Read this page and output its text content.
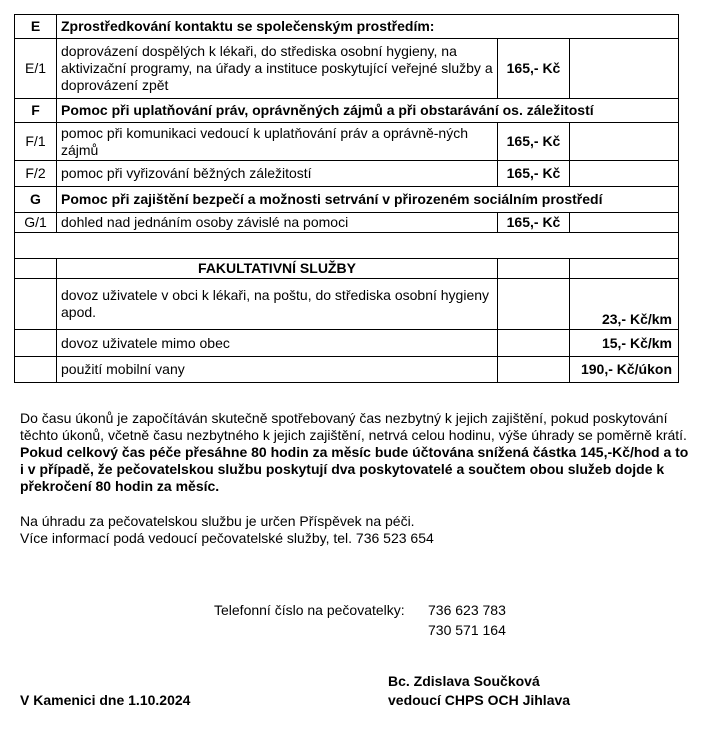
E	Zprostředkování kontaktu se společenským prostředím:		
E/1	doprovázení dospělých k lékaři, do střediska osobní hygieny, na aktivizační programy, na úřady a instituce poskytující veřejné služby a doprovázení zpět	165,- Kč	
F	Pomoc při uplatňování práv, oprávněných zájmů a při obstarávání os. záležitostí		
F/1	pomoc při komunikaci vedoucí k uplatňování práv a oprávně-ných zájmů	165,- Kč	
F/2	pomoc při vyřizování běžných záležitostí	165,- Kč	
G	Pomoc při zajištění bezpečí a možnosti setrvání v přirozeném sociálním prostředí		
G/1	dohled nad jednáním osoby závislé na pomoci	165,- Kč	

	FAKULTATIVNÍ SLUŽBY		
	dovoz uživatele v obci k lékaři, na poštu, do střediska osobní hygieny apod.		23,- Kč/km
	dovoz uživatele mimo obec		15,- Kč/km
	použití mobilní vany		190,- Kč/úkon

Do času úkonů je započítáván skutečně spotřebovaný čas nezbytný k jejich zajištění, pokud poskytování těchto úkonů, včetně času nezbytného k jejich zajištění, netrvá celou hodinu, výše úhrady se poměrně krátí.

Pokud celkový čas péče přesáhne 80 hodin za měsíc bude účtována snížená částka 145,-Kč/hod a to i v případě, že pečovatelskou službu poskytují dva poskytovatelé a součtem obou služeb dojde k překročení 80 hodin za měsíc.

Na úhradu za pečovatelskou službu je určen Příspěvek na péči.

Více informací podá vedoucí pečovatelské služby, tel. 736 523 654

Telefonní číslo na pečovatelky: 736 623 783
730 571 164
V Kamenici dne 1.10.2024
Bc. Zdislava Součková
vedoucí CHPS OCH Jihlava
